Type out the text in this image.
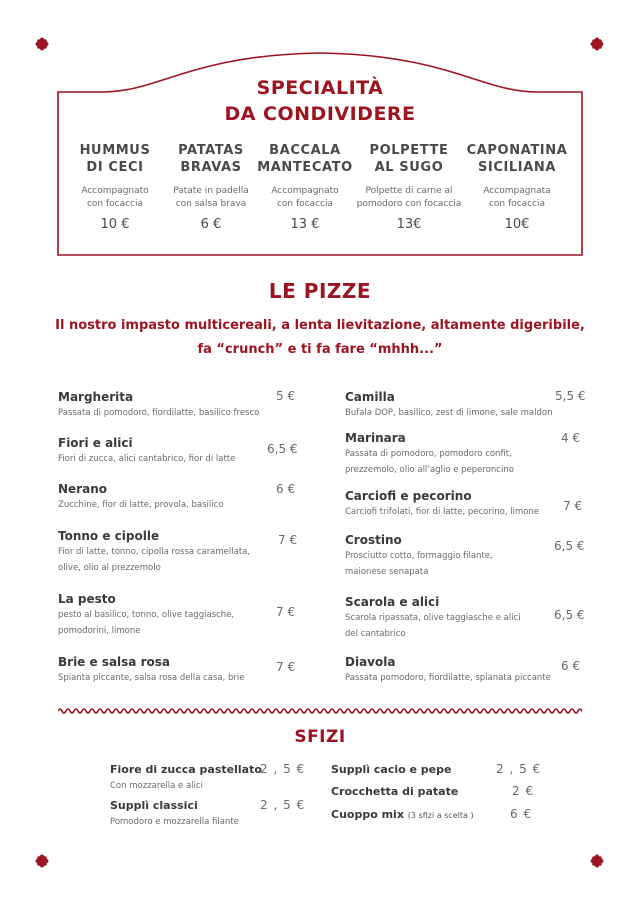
SPECIALITÀ
DA CONDIVIDERE
HUMMUS
DI CECI
Accompagnato
con focaccia
10 €
PATATAS
BRAVAS
Patate in padella
con salsa brava
6 €
BACCALA
MANTECATO
Accompagnato
con focaccia
13 €
POLPETTE
AL SUGO
Polpette di carne al
pomodoro con focaccia
13€
CAPONATINA
SICILIANA
Accompagnata
con focaccia
10€
LE PIZZE
Il nostro impasto multicereali, a lenta lievitazione, altamente digeribile,
fa “crunch” e ti fa fare “mhhh...”
Margherita
Passata di pomodoro, fiordilatte, basilico fresco
5 €
Fiori e alici
Fiori di zucca, alici cantabrico, fior di latte
6,5 €
Nerano
Zucchine, fior di latte, provola, basilico
6 €
Tonno e cipolle
Fior di latte, tonno, cipolla rossa caramellata,
olive, olio al prezzemolo
7 €
La pesto
pesto al basilico, tonno, olive taggiasche,
pomodorini, limone
7 €
Brie e salsa rosa
Spianta piccante, salsa rosa della casa, brie
7 €
Camilla
Bufala DOP, basilico, zest di limone, sale maldon
5,5 €
Marinara
Passata di pomodoro, pomodoro confit,
prezzemolo, olio all’aglio e peperoncino
4 €
Carciofi e pecorino
Carciofi trifolati, fior di latte, pecorino, limone	7 €
Crostino
Prosciutto cotto, formaggio filante,
maionese senapata
6,5 €
Scarola e alici
Scarola ripassata, olive taggiasche e alici
del cantabrico
6,5 €
Diavola
Passata pomodoro, fiordilatte, spianata piccante
6 €
SFIZI
Fiore di zucca pastellato
Con mozzarella e alici
2 , 5 €
Supplì classici
Pomodoro e mozzarella filante
2 , 5 €
Supplì cacio e pepe	2 , 5 €
Crocchetta di patate	2 €
Cuoppo mix (3 sfizi a scelta )	6 €
